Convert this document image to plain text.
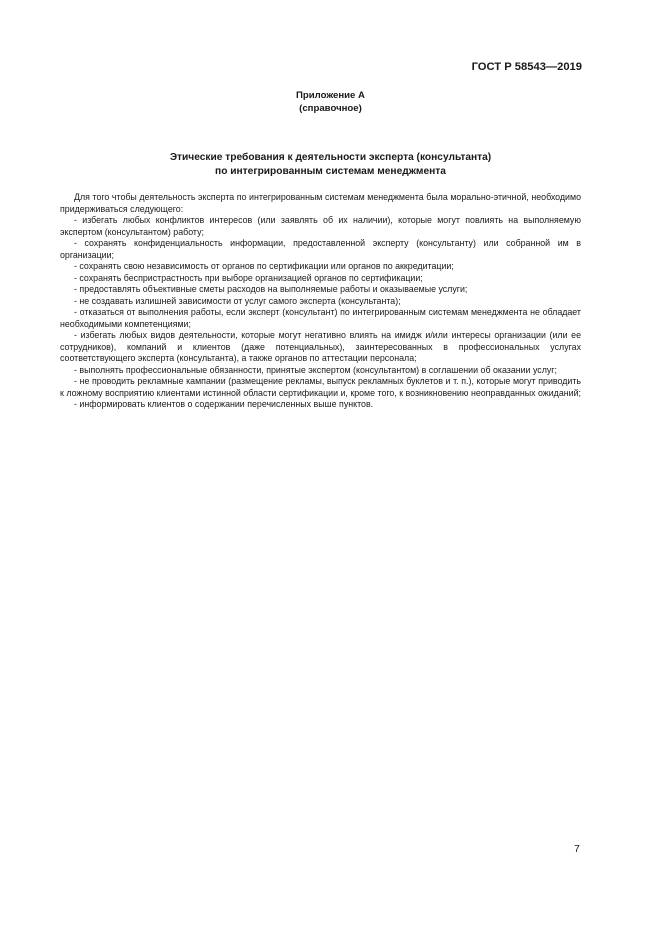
ГОСТ Р 58543—2019
Приложение А
(справочное)
Этические требования к деятельности эксперта (консультанта)
по интегрированным системам менеджмента

Для того чтобы деятельность эксперта по интегрированным системам менеджмента была морально-этичной, необходимо придерживаться следующего:

- избегать любых конфликтов интересов (или заявлять об их наличии), которые могут повлиять на выполняемую экспертом (консультантом) работу;

- сохранять конфиденциальность информации, предоставленной эксперту (консультанту) или собранной им в организации;

- сохранять свою независимость от органов по сертификации или органов по аккредитации;

- сохранять беспристрастность при выборе организацией органов по сертификации;

- предоставлять объективные сметы расходов на выполняемые работы и оказываемые услуги;

- не создавать излишней зависимости от услуг самого эксперта (консультанта);

- отказаться от выполнения работы, если эксперт (консультант) по интегрированным системам менеджмента не обладает необходимыми компетенциями;

- избегать любых видов деятельности, которые могут негативно влиять на имидж и/или интересы организации (или ее сотрудников), компаний и клиентов (даже потенциальных), заинтересованных в профессиональных услугах соответствующего эксперта (консультанта), а также органов по аттестации персонала;

- выполнять профессиональные обязанности, принятые экспертом (консультантом) в соглашении об оказании услуг;

- не проводить рекламные кампании (размещение рекламы, выпуск рекламных буклетов и т. п.), которые могут приводить к ложному восприятию клиентами истинной области сертификации и, кроме того, к возникновению неоправданных ожиданий;

- информировать клиентов о содержании перечисленных выше пунктов.

7
